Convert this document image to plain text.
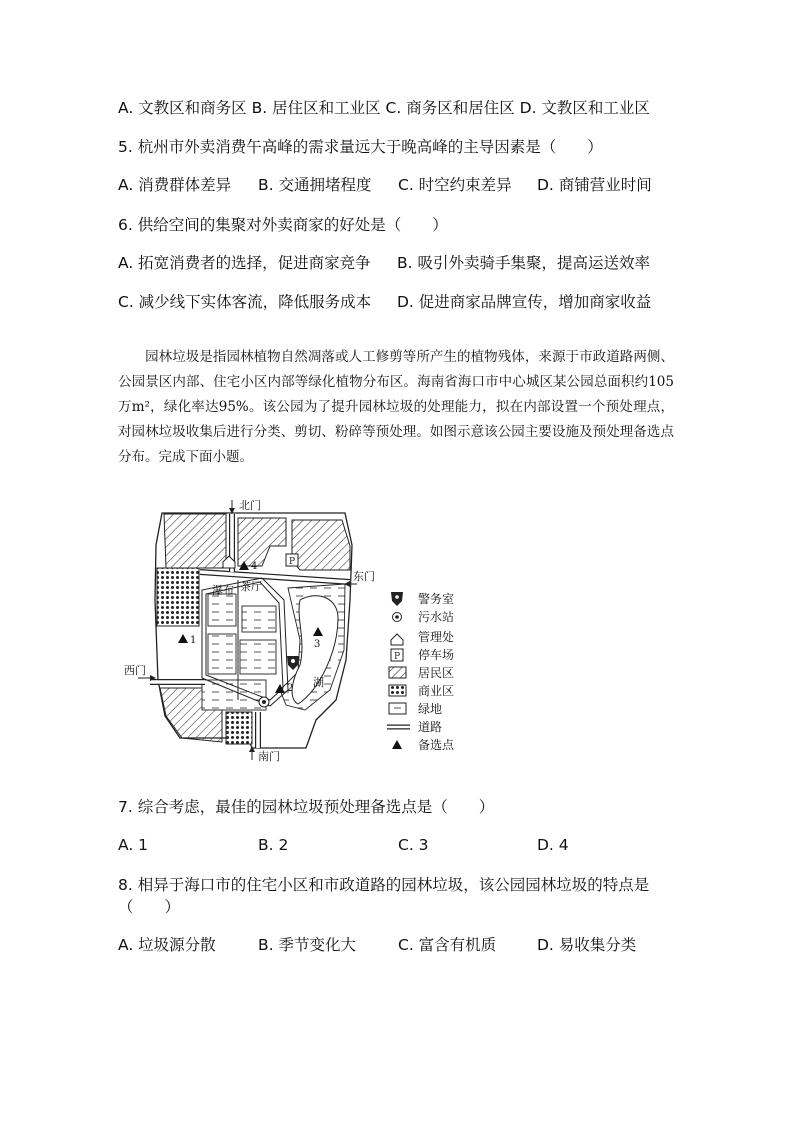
A. 文教区和商务区 B. 居住区和工业区 C. 商务区和居住区 D. 文教区和工业区
5. 杭州市外卖消费午高峰的需求量远大于晚高峰的主导因素是（　　）
A. 消费群体差异 B. 交通拥堵程度 C. 时空约束差异 D. 商铺营业时间
6. 供给空间的集聚对外卖商家的好处是（　　）
A. 拓宽消费者的选择，促进商家竞争 B. 吸引外卖骑手集聚，提高运送效率
C. 减少线下实体客流，降低服务成本 D. 促进商家品牌宣传，增加商家收益
园林垃圾是指园林植物自然凋落或人工修剪等所产生的植物残体，来源于市政道路两侧、公园景区内部、住宅小区内部等绿化植物分布区。海南省海口市中心城区某公园总面积约105万m²，绿化率达95%。该公园为了提升园林垃圾的处理能力，拟在内部设置一个预处理点，对园林垃圾收集后进行分类、剪切、粉碎等预处理。如图示意该公园主要设施及预处理备选点分布。完成下面小题。
P
1
2
3
4
北门
东门
西门
南门
瀑布 茶厅
湖
警务室
污水站
管理处
P 停车场
居民区
商业区
绿地
道路
备选点
7. 综合考虑，最佳的园林垃圾预处理备选点是（　　）
A. 1	B. 2	C. 3	D. 4
8. 相异于海口市的住宅小区和市政道路的园林垃圾，该公园园林垃圾的特点是
（　　）
A. 垃圾源分散	B. 季节变化大	C. 富含有机质	D. 易收集分类
